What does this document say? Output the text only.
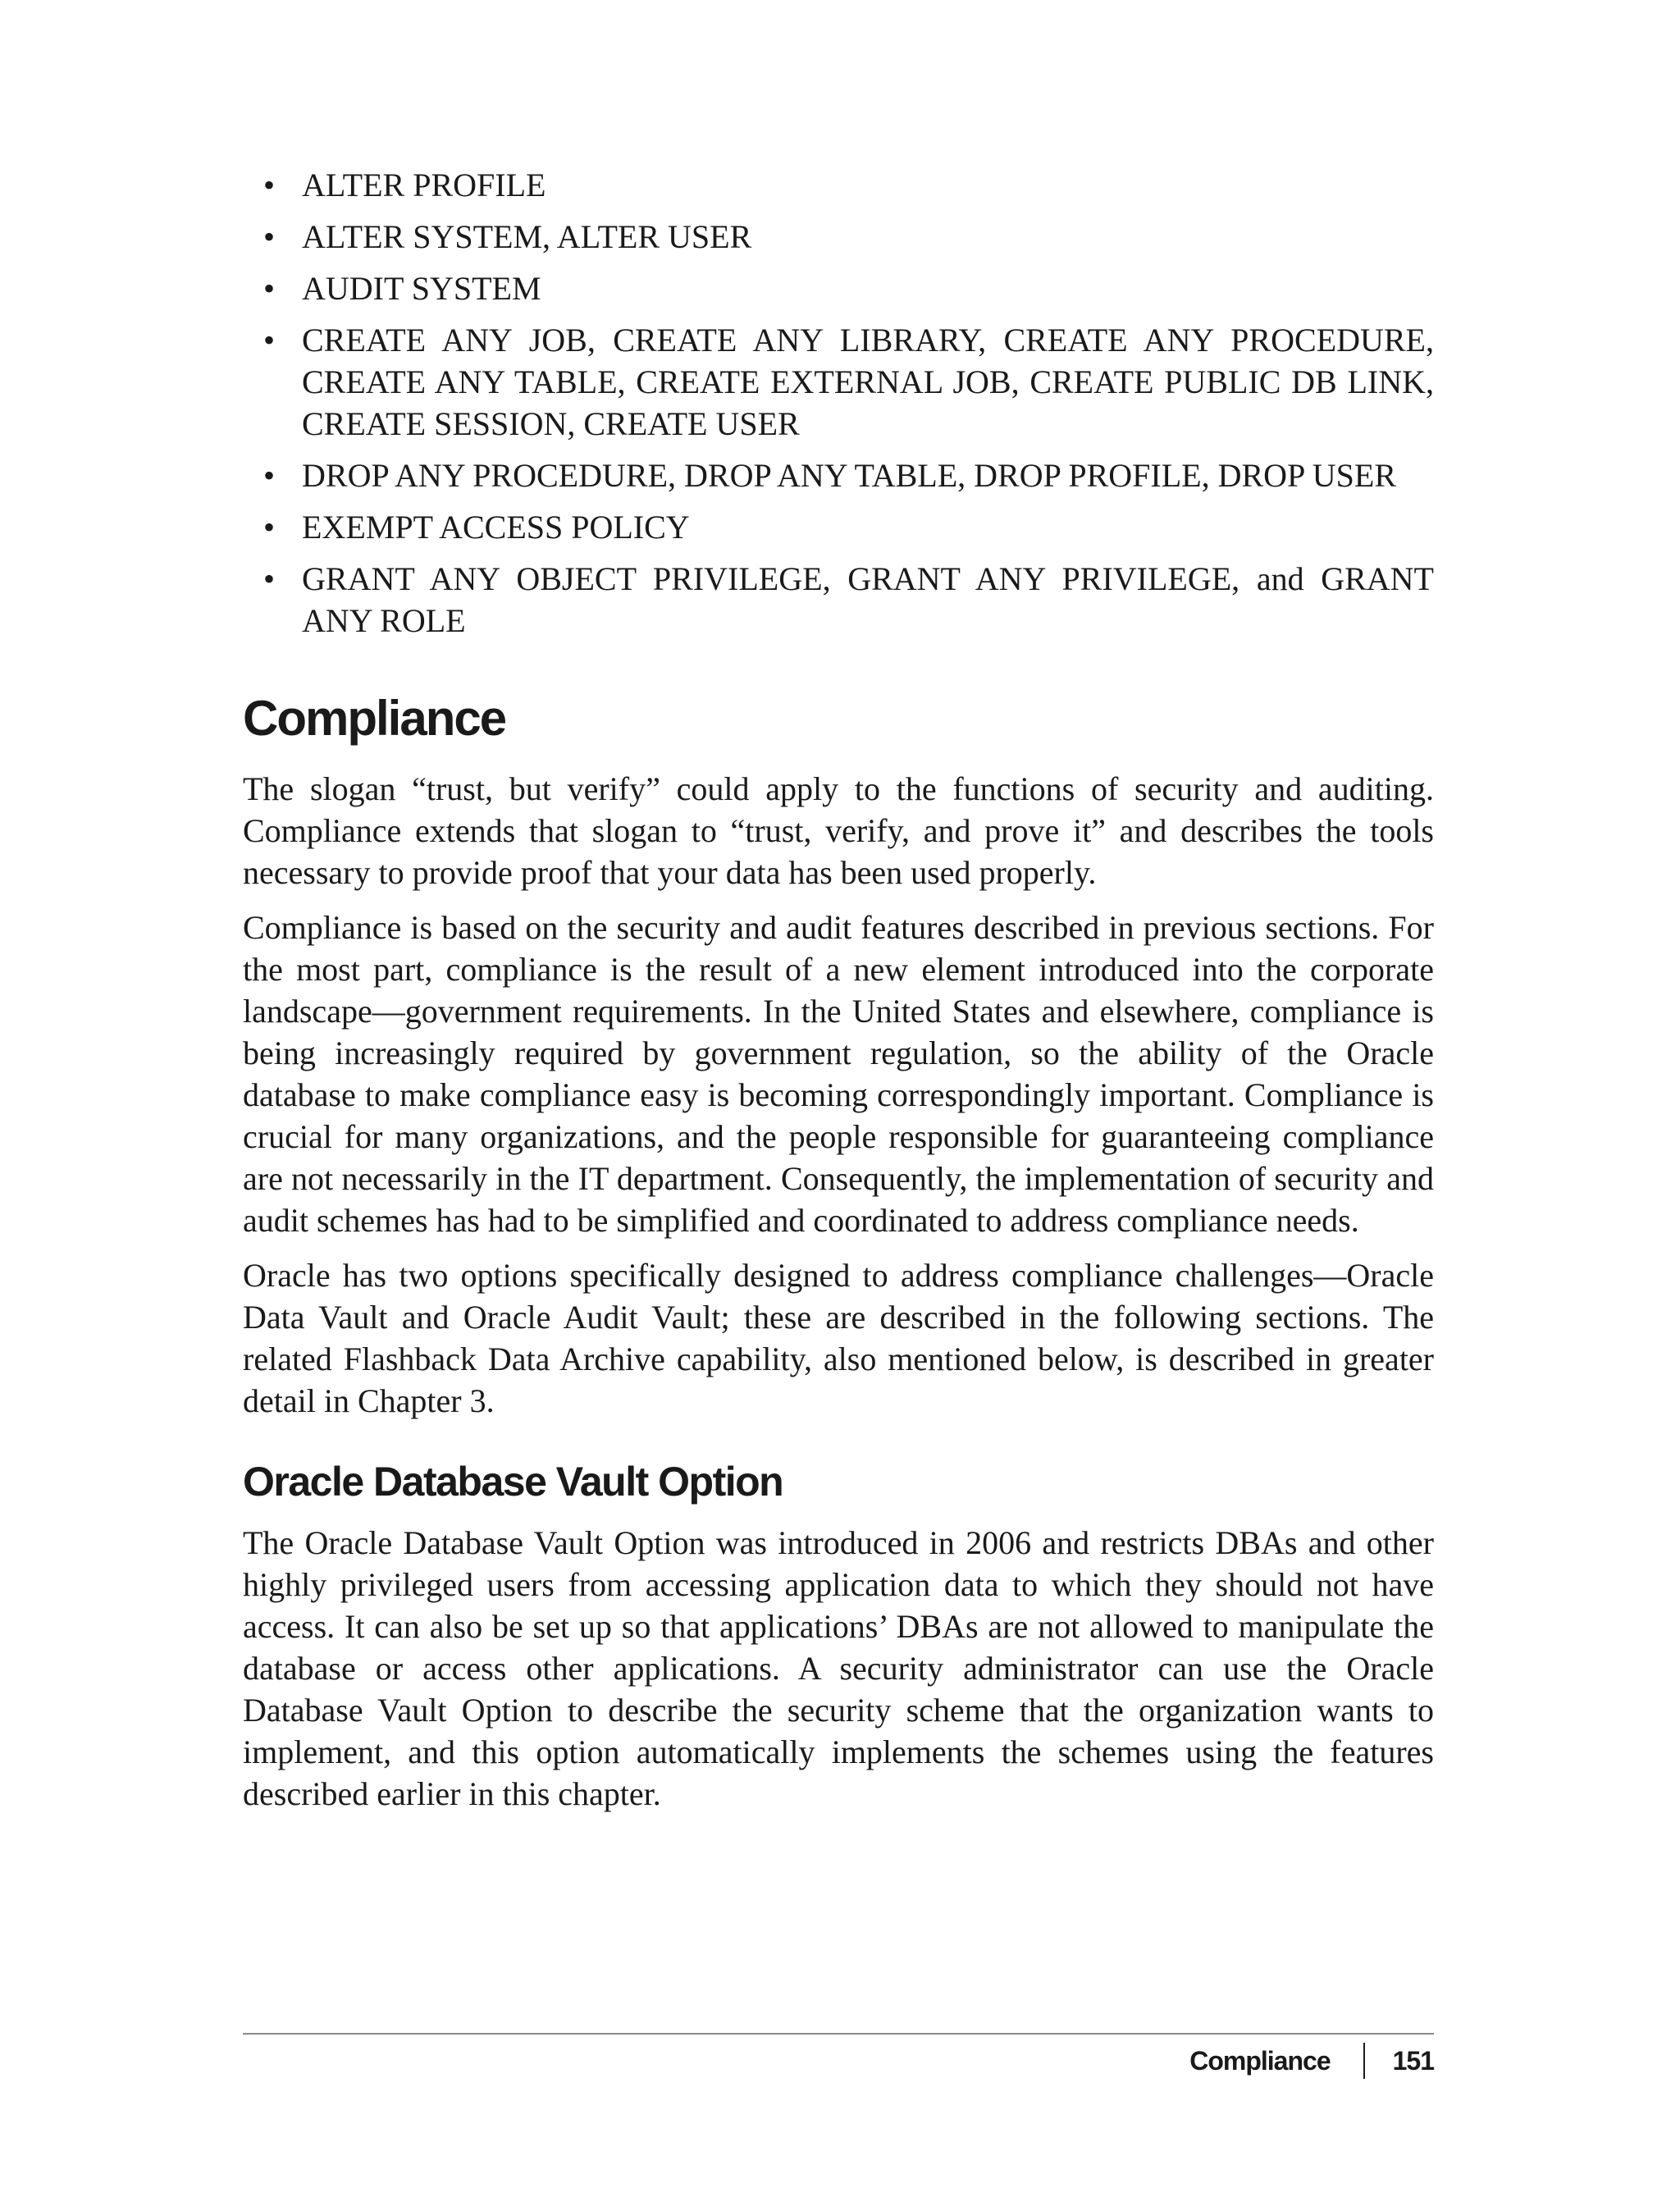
• ALTER PROFILE
• ALTER SYSTEM, ALTER USER
• AUDIT SYSTEM
• CREATE ANY JOB, CREATE ANY LIBRARY, CREATE ANY PROCEDURE, CREATE ANY TABLE, CREATE EXTERNAL JOB, CREATE PUBLIC DB LINK, CREATE SESSION, CREATE USER
• DROP ANY PROCEDURE, DROP ANY TABLE, DROP PROFILE, DROP USER
• EXEMPT ACCESS POLICY
• GRANT ANY OBJECT PRIVILEGE, GRANT ANY PRIVILEGE, and GRANT ANY ROLE
Compliance

The slogan “trust, but verify” could apply to the functions of security and auditing. Compliance extends that slogan to “trust, verify, and prove it” and describes the tools necessary to provide proof that your data has been used properly.

Compliance is based on the security and audit features described in previous sections. For the most part, compliance is the result of a new element introduced into the corporate landscape—government requirements. In the United States and elsewhere, compliance is being increasingly required by government regulation, so the ability of the Oracle database to make compliance easy is becoming correspondingly important. Compliance is crucial for many organizations, and the people responsible for guaranteeing compliance are not necessarily in the IT department. Consequently, the implementation of security and audit schemes has had to be simplified and coordinated to address compliance needs.

Oracle has two options specifically designed to address compliance challenges—Oracle Data Vault and Oracle Audit Vault; these are described in the following sections. The related Flashback Data Archive capability, also mentioned below, is described in greater detail in Chapter 3.

Oracle Database Vault Option

The Oracle Database Vault Option was introduced in 2006 and restricts DBAs and other highly privileged users from accessing application data to which they should not have access. It can also be set up so that applications’ DBAs are not allowed to manipulate the database or access other applications. A security administrator can use the Oracle Database Vault Option to describe the security scheme that the organization wants to implement, and this option automatically implements the schemes using the features described earlier in this chapter.

Compliance 151
